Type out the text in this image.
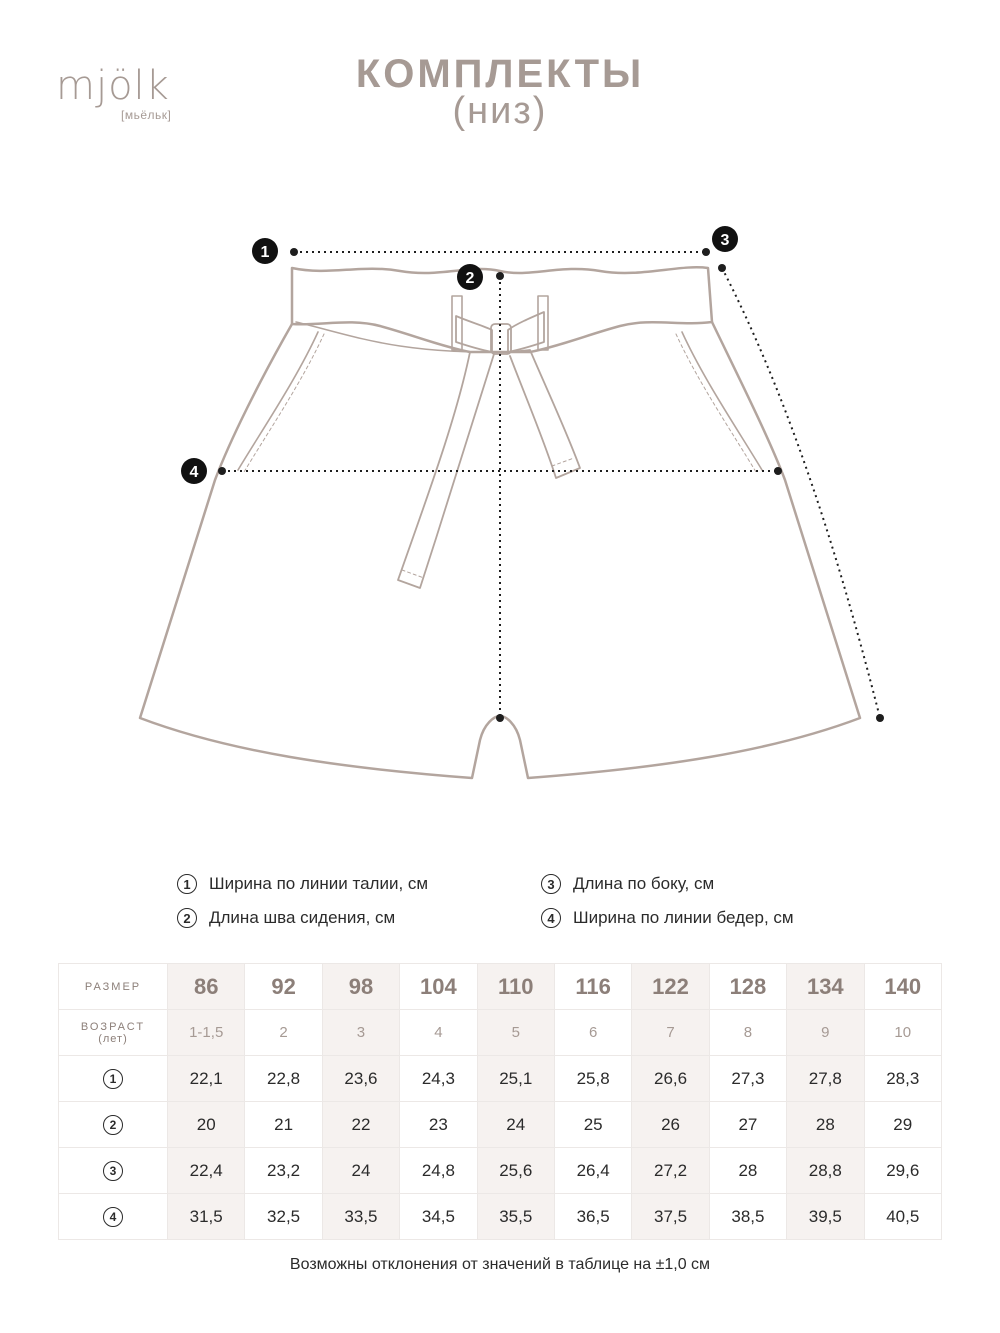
mjölk
[мьёльк]
КОМПЛЕКТЫ
(низ)
1
2
3
4
1	Ширина по линии талии, см
2	Длина шва сидения, см
3	Длина по боку, см
4	Ширина по линии бедер, см
РАЗМЕР	86	92	98	104	110	116	122	128	134	140

ВОЗРАСТ
(лет)	1-1,5	2	3	4	5	6	7	8	9	10
1	22,1	22,8	23,6	24,3	25,1	25,8	26,6	27,3	27,8	28,3
2	20	21	22	23	24	25	26	27	28	29
3	22,4	23,2	24	24,8	25,6	26,4	27,2	28	28,8	29,6
4	31,5	32,5	33,5	34,5	35,5	36,5	37,5	38,5	39,5	40,5
Возможны отклонения от значений в таблице на ±1,0 см
